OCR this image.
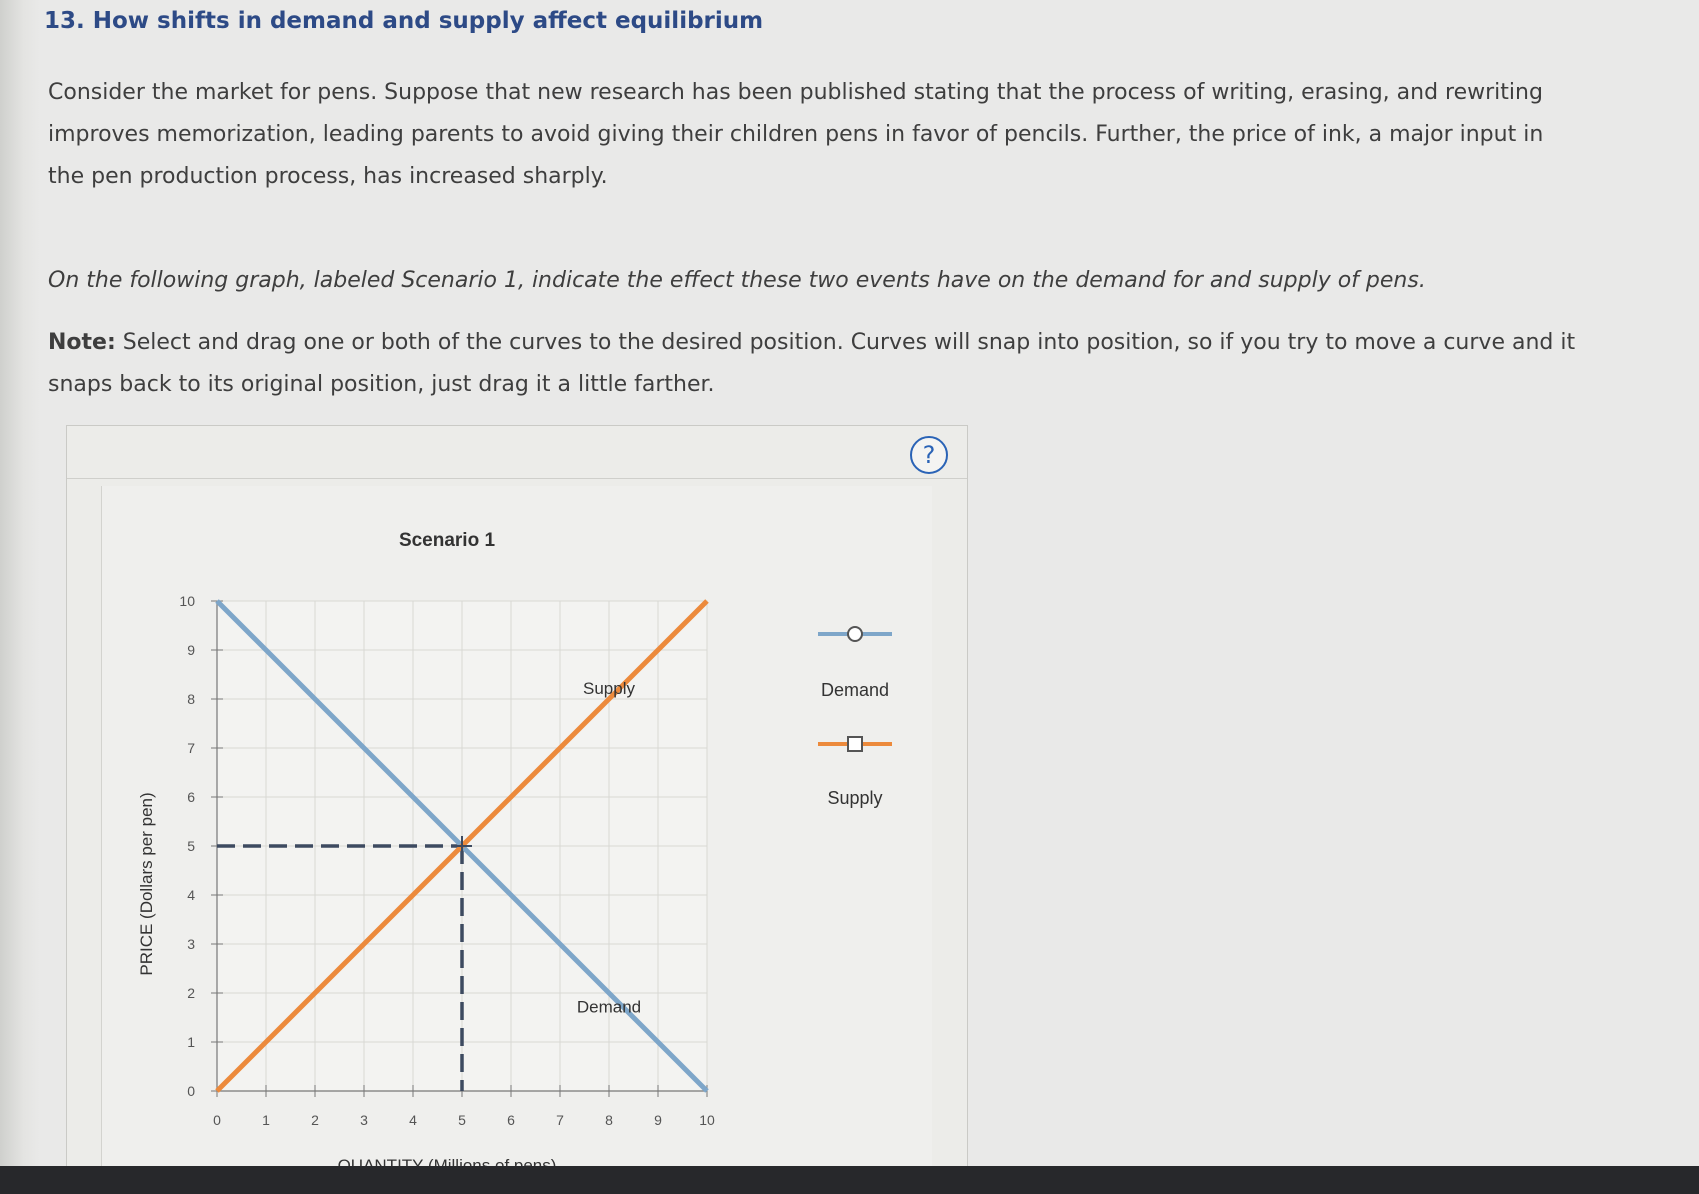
13. How shifts in demand and supply affect equilibrium
Consider the market for pens. Suppose that new research has been published stating that the process of writing, erasing, and rewriting improves memorization, leading parents to avoid giving their children pens in favor of pencils. Further, the price of ink, a major input in the pen production process, has increased sharply.
On the following graph, labeled Scenario 1, indicate the effect these two events have on the demand for and supply of pens.
Note: Select and drag one or both of the curves to the desired position. Curves will snap into position, so if you try to move a curve and it snaps back to its original position, just drag it a little farther.
?
Scenario 1
PRICE (Dollars per pen)
0
1
2
3
4
5
6
7
8
9
10
0	1	2	3	4	5	6	7	8	9	10
Demand
Supply	Demand
Supply
